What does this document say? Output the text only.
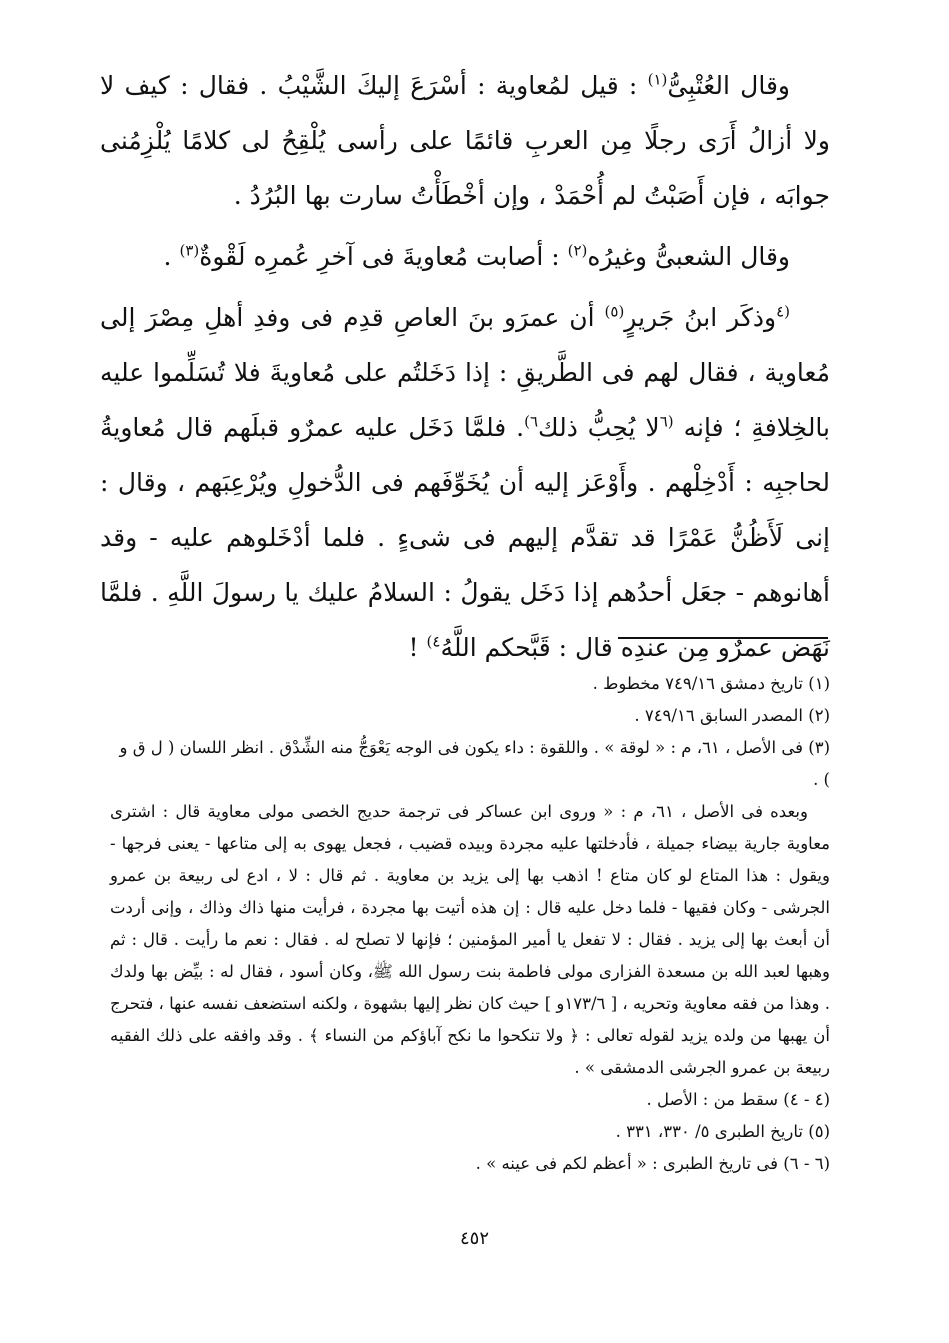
وقال العُتْبِىُّ$^{(١)}$ : قيل لمُعاوية : أسْرَعَ إليكَ الشَّيْبُ . فقال : كيف لا ولا أزالُ أَرَى رجلًا مِن العربِ قائمًا على رأسى يُلْقِحُ لى كلامًا يُلْزِمُنى جوابَه ، فإن أَصَبْتُ لم أُحْمَدْ ، وإن أخْطَأْتُ سارت بها البُرُدُ .

وقال الشعبىُّ وغيرُه$^{(٢)}$ : أصابت مُعاويةَ فى آخرِ عُمرِه لَقْوةٌ$^{(٣)}$ .

$^{(٤}$وذكَر ابنُ جَريرٍ$^{(٥)}$ أن عمرَو بنَ العاصِ قدِم فى وفدِ أهلِ مِصْرَ إلى مُعاوية ، فقال لهم فى الطَّريقِ : إذا دَخَلتُم على مُعاويةَ فلا تُسَلِّموا عليه بالخِلافةِ ؛ فإنه $^{(٦}$لا يُحِبُّ ذلك$^{٦)}$. فلمَّا دَخَل عليه عمرٌو قبلَهم قال مُعاويةُ لحاجبِه : أَدْخِلْهم . وأَوْعَز إليه أن يُخَوِّفَهم فى الدُّخولِ ويُرْعِبَهم ، وقال : إنى لَأَظُنُّ عَمْرًا قد تقدَّم إليهم فى شىءٍ . فلما أدْخَلوهم عليه - وقد أهانوهم - جعَل أحدُهم إذا دَخَل يقولُ : السلامُ عليك يا رسولَ اللَّهِ . فلمَّا نَهَض عمرٌو مِن عندِه قال : قَبَّحكم اللَّهُ$^{٤)}$ !

(١) تاريخ دمشق ٧٤٩/١٦ مخطوط .

(٢) المصدر السابق ٧٤٩/١٦ .

(٣) فى الأصل ، ٦١، م : « لوقة » . واللقوة : داء يكون فى الوجه يَعْوَجُّ منه الشِّدْق . انظر اللسان ( ل ق و ) .

وبعده فى الأصل ، ٦١، م : « وروى ابن عساكر فى ترجمة حديج الخصى مولى معاوية قال : اشترى معاوية جارية بيضاء جميلة ، فأدخلتها عليه مجردة وبيده قضيب ، فجعل يهوى به إلى متاعها - يعنى فرجها - ويقول : هذا المتاع لو كان متاع ! اذهب بها إلى يزيد بن معاوية . ثم قال : لا ، ادع لى ربيعة بن عمرو الجرشى - وكان فقيها - فلما دخل عليه قال : إن هذه أتيت بها مجردة ، فرأيت منها ذاك وذاك ، وإنى أردت أن أبعث بها إلى يزيد . فقال : لا تفعل يا أمير المؤمنين ؛ فإنها لا تصلح له . فقال : نعم ما رأيت . قال : ثم وهبها لعبد الله بن مسعدة الفزارى مولى فاطمة بنت رسول الله ﷺ، وكان أسود ، فقال له : بيِّض بها ولدك . وهذا من فقه معاوية وتحريه ، [ ١٧٣/٦و ] حيث كان نظر إليها بشهوة ، ولكنه استضعف نفسه عنها ، فتحرج أن يهبها من ولده يزيد لقوله تعالى : ﴿ ولا تنكحوا ما نكح آباؤكم من النساء ﴾ . وقد وافقه على ذلك الفقيه ربيعة بن عمرو الجرشى الدمشقى » .

(٤ - ٤) سقط من : الأصل .

(٥) تاريخ الطبرى ٥/ ٣٣٠، ٣٣١ .

(٦ - ٦) فى تاريخ الطبرى : « أعظم لكم فى عينه » .

٤٥٢
